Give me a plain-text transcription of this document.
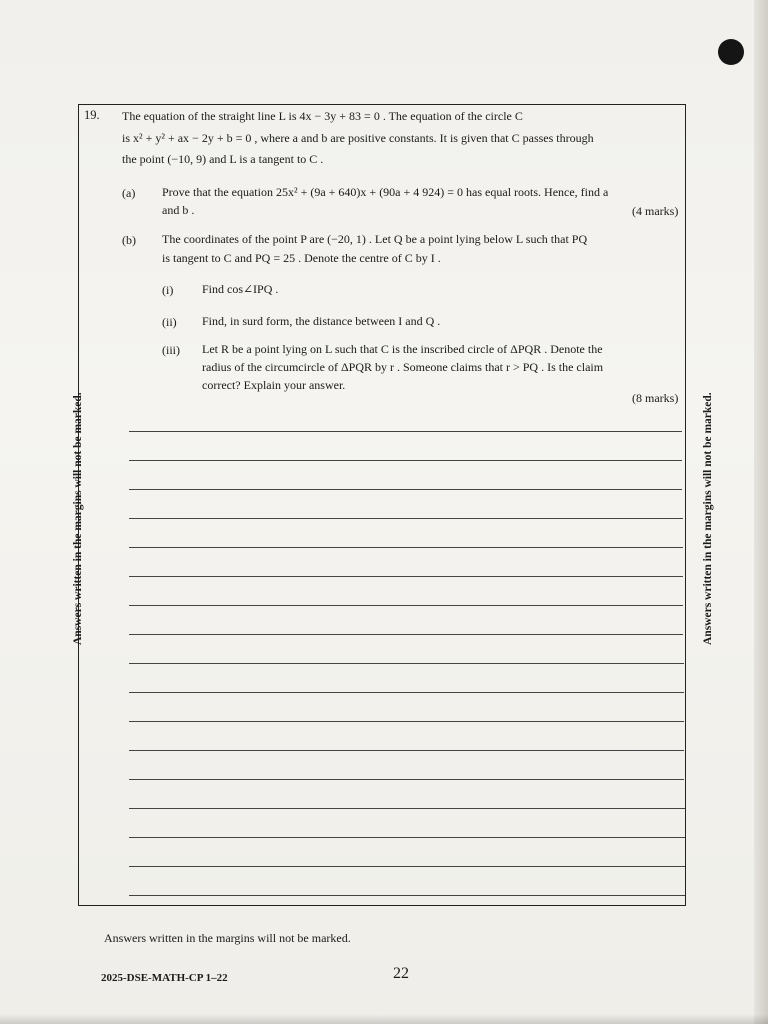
19. The equation of the straight line L is 4x − 3y + 83 = 0 . The equation of the circle C
is x² + y² + ax − 2y + b = 0 , where a and b are positive constants. It is given that C passes through
the point (−10, 9) and L is a tangent to C .
(a) Prove that the equation 25x² + (9a + 640)x + (90a + 4 924) = 0 has equal roots. Hence, find a
and b .	(4 marks)
(b) The coordinates of the point P are (−20, 1) . Let Q be a point lying below L such that PQ
is tangent to C and PQ = 25 . Denote the centre of C by I .
(i) Find cos∠IPQ .
(ii) Find, in surd form, the distance between I and Q .
(iii) Let R be a point lying on L such that C is the inscribed circle of ΔPQR . Denote the
radius of the circumcircle of ΔPQR by r . Someone claims that r > PQ . Is the claim
correct? Explain your answer.
(8 marks)
Answers written in the margins will not be marked.	Answers written in the margins will not be marked.
Answers written in the margins will not be marked.
2025-DSE-MATH-CP 1–22	22
